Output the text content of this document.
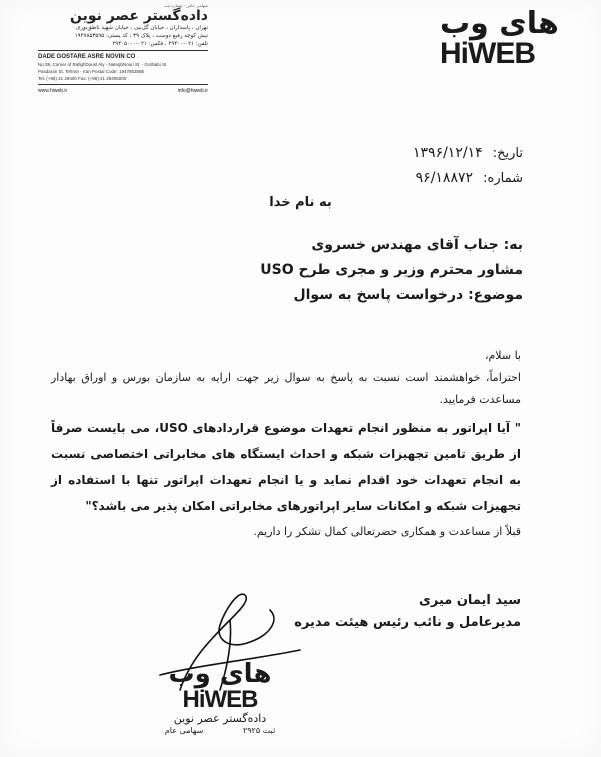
های وب
HiWEB
سهامی خاص - شماره ثبت
داده‌گستر عصر نوین
تهران ، پاسداران ، خیابان گل‌نبی ، خیابان شهید ناطق‌نوری
نبش کوچه رفیع دوست ، پلاک ۳۹ ، کد پستی: ۱۹۴۷۸۵۳۵۹۵
تلفن: ۰۲۱-۲۹۴۰۰ ، فکس: ۰۲۱-۲۹۴۰۵۰۰۰
DADE GOSTARE ASRE NOVIN CO
No.39, Corner of RafighDoust Aly - NateghNouri St. - GolNabi St
Pasdaran St. Tehran - Iran Postal Code: 1947853595
Tel: (+98) 21 29400 Fax: (+98) 21 29405000
www.hiweb.ir	info@hiweb.ir
تاریخ: ۱۳۹۶/۱۲/۱۴
شماره: ۹۶/۱۸۸۷۲
به نام خدا
به: جناب آقای مهندس خسروی
مشاور محترم وزیر و مجری طرح USO
موضوع: درخواست پاسخ به سوال

با سلام،

احتراماً، خواهشمند است نسبت به پاسخ به سوال زیر جهت ارایه به سازمان بورس و اوراق بهادار مساعدت فرمایید.

" آیا اپراتور به منظور انجام تعهدات موضوع قراردادهای USO، می بایست صرفاً از طریق تامین تجهیزات شبکه و احداث ایستگاه های مخابراتی اختصاصی نسبت به انجام تعهدات خود اقدام نماید و یا انجام تعهدات اپراتور تنها با استفاده از تجهیزات شبکه و امکانات سایر اپراتورهای مخابراتی امکان پذیر می باشد؟"

قبلاً از مساعدت و همکاری حضرتعالی کمال تشکر را داریم.

سید ایمان میری
مدیرعامل و نائب رئیس هیئت مدیره
های وب
HiWEB
داده‌گستر عصر نوین
ثبت ۲۹۲۵
سهامی عام
